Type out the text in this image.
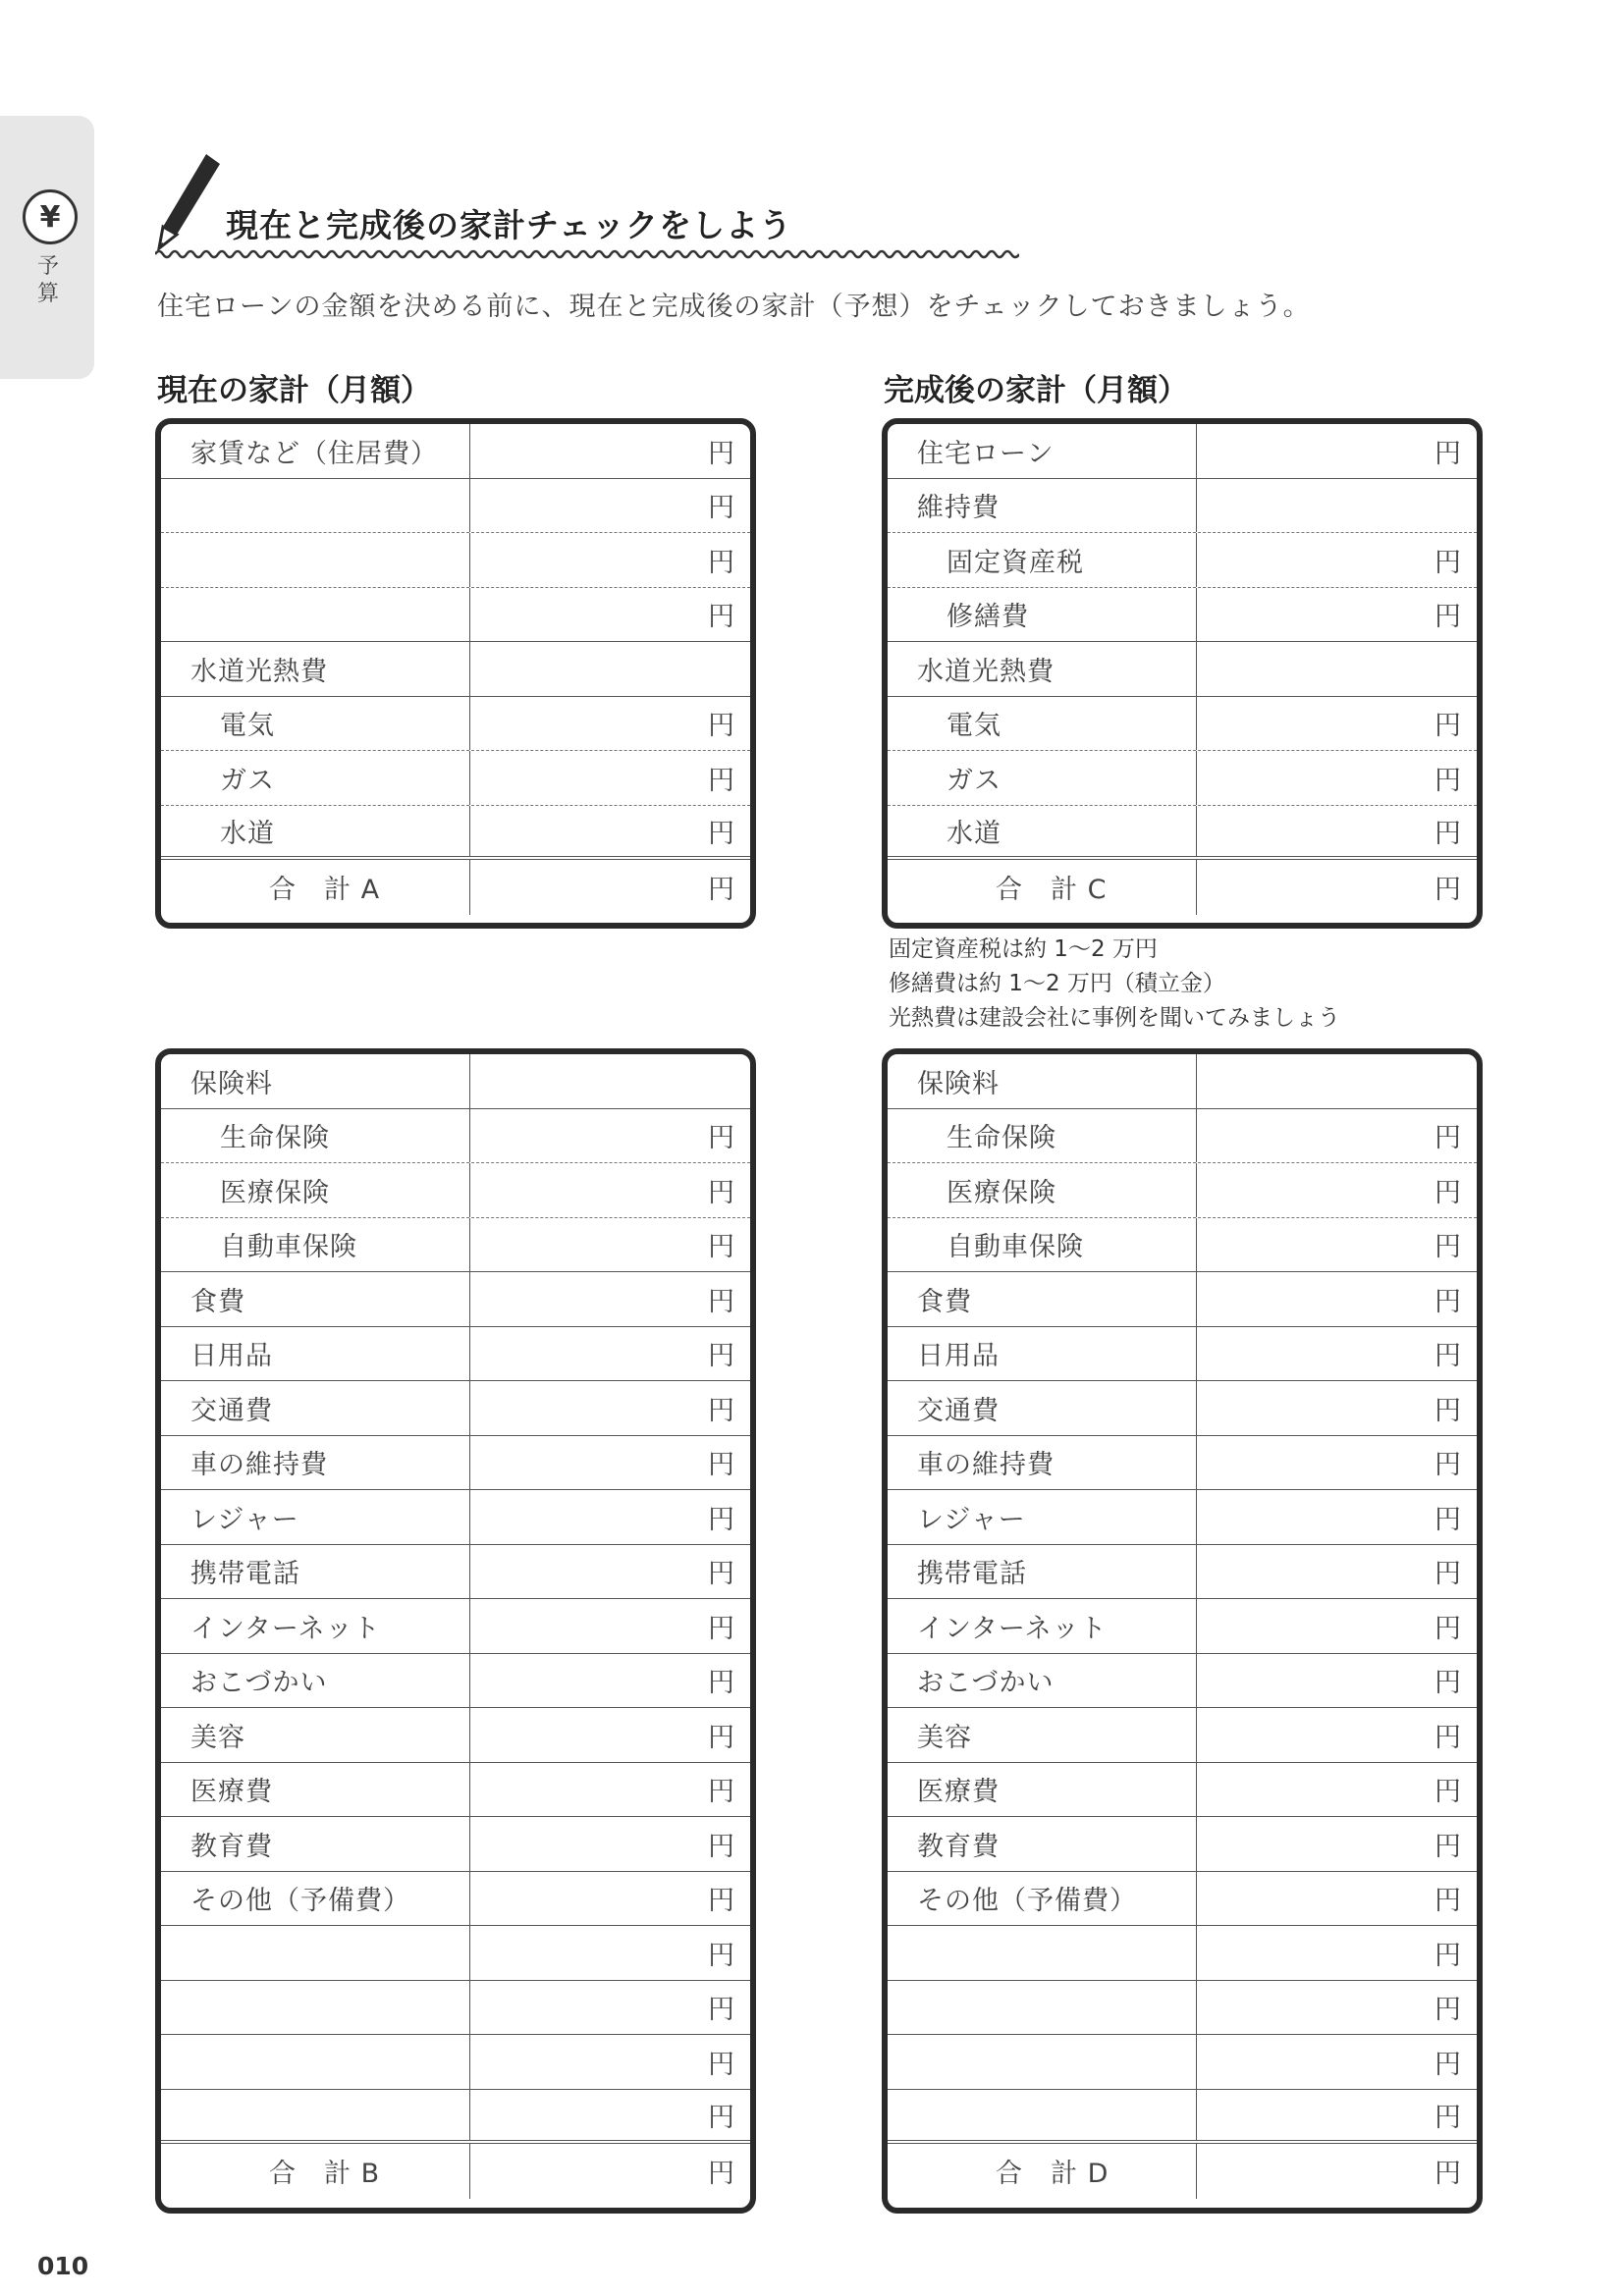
¥
予算
現在と完成後の家計チェックをしよう
住宅ローンの金額を決める前に、現在と完成後の家計（予想）をチェックしておきましょう。
現在の家計（月額）	完成後の家計（月額）
家賃など（住居費）	円
円
円
円
水道光熱費
電気	円
ガス	円
水道	円
合　計 A	円
住宅ローン	円
維持費
固定資産税	円
修繕費	円
水道光熱費
電気	円
ガス	円
水道	円
合　計 C	円
固定資産税は約 1～2 万円
修繕費は約 1～2 万円（積立金）
光熱費は建設会社に事例を聞いてみましょう
保険料
生命保険	円
医療保険	円
自動車保険	円
食費	円
日用品	円
交通費	円
車の維持費	円
レジャー	円
携帯電話	円
インターネット	円
おこづかい	円
美容	円
医療費	円
教育費	円
その他（予備費）	円
円
円
円
円
合　計 B	円
保険料
生命保険	円
医療保険	円
自動車保険	円
食費	円
日用品	円
交通費	円
車の維持費	円
レジャー	円
携帯電話	円
インターネット	円
おこづかい	円
美容	円
医療費	円
教育費	円
その他（予備費）	円
円
円
円
円
合　計 D	円
010
